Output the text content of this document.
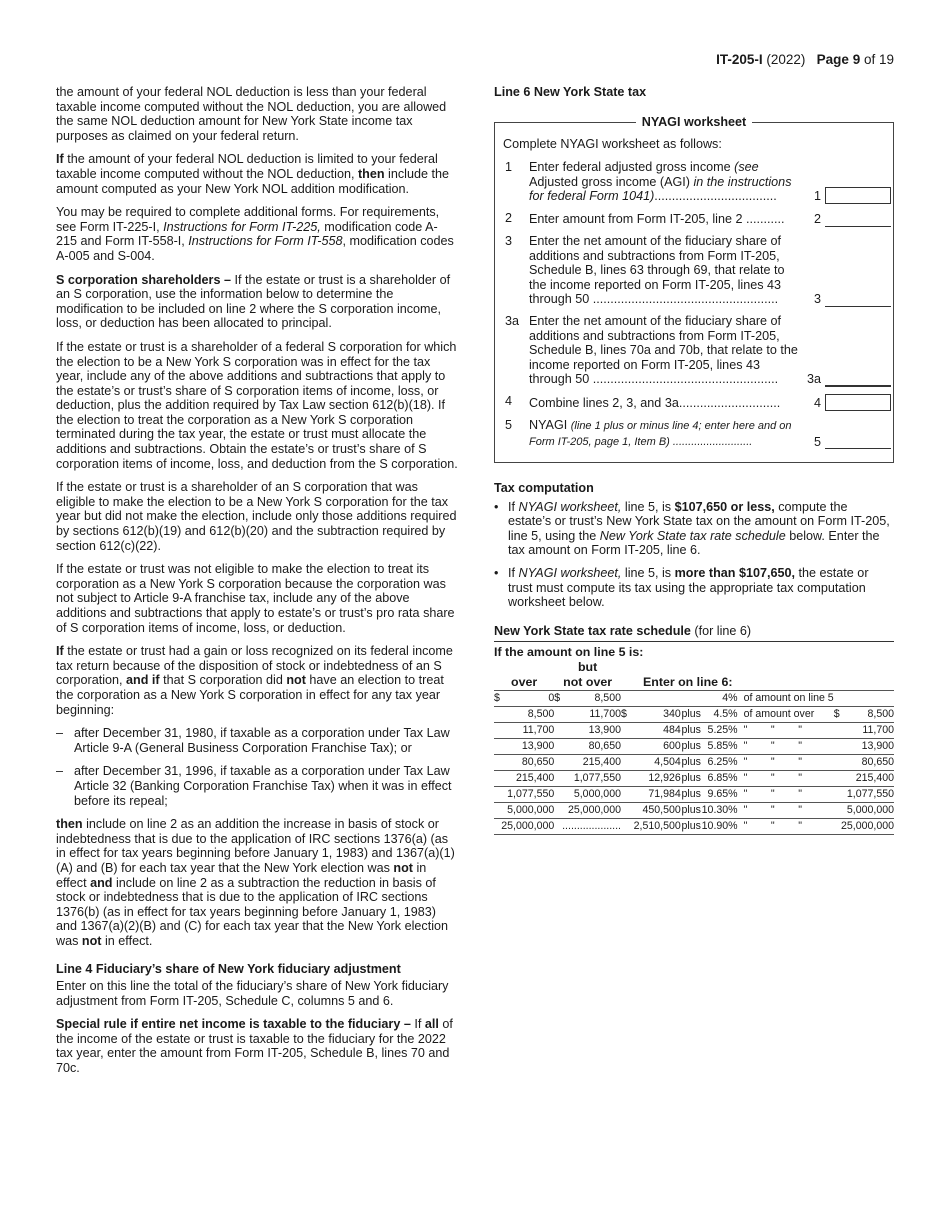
IT-205-I (2022) Page 9 of 19

the amount of your federal NOL deduction is less than your federal taxable income computed without the NOL deduction, you are allowed the same NOL deduction amount for New York State income tax purposes as claimed on your federal return.

If the amount of your federal NOL deduction is limited to your federal taxable income computed without the NOL deduction, then include the amount computed as your New York NOL addition modification.

You may be required to complete additional forms. For requirements, see Form IT-225-I, Instructions for Form IT-225, modification code A-215 and Form IT-558-I, Instructions for Form IT-558, modification codes A-005 and S-004.

S corporation shareholders – If the estate or trust is a shareholder of an S corporation, use the information below to determine the modification to be included on line 2 where the S corporation income, loss, or deduction has been allocated to principal.

If the estate or trust is a shareholder of a federal S corporation for which the election to be a New York S corporation was in effect for the tax year, include any of the above additions and subtractions that apply to the estate’s or trust’s share of S corporation items of income, loss, or deduction, plus the addition required by Tax Law section 612(b)(18). If the election to treat the corporation as a New York S corporation terminated during the tax year, the estate or trust must allocate the additions and subtractions. Obtain the estate’s or trust’s share of S corporation items of income, loss, and deduction from the S corporation.

If the estate or trust is a shareholder of an S corporation that was eligible to make the election to be a New York S corporation for the tax year but did not make the election, include only those additions required by sections 612(b)(19) and 612(b)(20) and the subtraction required by section 612(c)(22).

If the estate or trust was not eligible to make the election to treat its corporation as a New York S corporation because the corporation was not subject to Article 9-A franchise tax, include any of the above additions and subtractions that apply to estate’s or trust’s pro rata share of S corporation items of income, loss, or deduction.

If the estate or trust had a gain or loss recognized on its federal income tax return because of the disposition of stock or indebtedness of an S corporation, and if that S corporation did not have an election to treat the corporation as a New York S corporation in effect for any tax year beginning:

– after December 31, 1980, if taxable as a corporation under Tax Law Article 9-A (General Business Corporation Franchise Tax); or
– after December 31, 1996, if taxable as a corporation under Tax Law Article 32 (Banking Corporation Franchise Tax) when it was in effect before its repeal;

then include on line 2 as an addition the increase in basis of stock or indebtedness that is due to the application of IRC sections 1376(a) (as in effect for tax years beginning before January 1, 1983) and 1367(a)(1)(A) and (B) for each tax year that the New York election was not in effect and include on line 2 as a subtraction the reduction in basis of stock or indebtedness that is due to the application of IRC sections 1376(b) (as in effect for tax years beginning before January 1, 1983) and 1367(a)(2)(B) and (C) for each tax year that the New York election was not in effect.

Line 4 Fiduciary’s share of New York fiduciary adjustment

Enter on this line the total of the fiduciary’s share of New York fiduciary adjustment from Form IT-205, Schedule C, columns 5 and 6.

Special rule if entire net income is taxable to the fiduciary – If all of the income of the estate or trust is taxable to the fiduciary for the 2022 tax year, enter the amount from Form IT-205, Schedule B, lines 70 and 70c.

Line 6 New York State tax
NYAGI worksheet
Complete NYAGI worksheet as follows:
1	Enter federal adjusted gross income (see Adjusted gross income (AGI) in the instructions for federal Form 1041)...................................	1
2	Enter amount from Form IT-205, line 2 ...........	2
3	Enter the net amount of the fiduciary share of additions and subtractions from Form IT-205, Schedule B, lines 63 through 69, that relate to the income reported on Form IT-205, lines 43 through 50 .....................................................	3
3a Enter the net amount of the fiduciary share of additions and subtractions from Form IT-205, Schedule B, lines 70a and 70b, that relate to the income reported on Form IT-205, lines 43 through 50 .....................................................	3a
4	Combine lines 2, 3, and 3a.............................	4
5	NYAGI (line 1 plus or minus line 4; enter here and on Form IT-205, page 1, Item B) ..........................	5
Tax computation
• If NYAGI worksheet, line 5, is $107,650 or less, compute the estate’s or trust’s New York State tax on the amount on Form IT-205, line 5, using the New York State tax rate schedule below. Enter the tax amount on Form IT-205, line 6.
• If NYAGI worksheet, line 5, is more than $107,650, the estate or trust must compute its tax using the appropriate tax computation worksheet below.
New York State tax rate schedule (for line 6)
If the amount on line 5 is:										
		but								
over		not over		Enter on line 6:						
$	0	$	8,500				4%	of amount on line 5		
	8,500		11,700	$	340	plus	4.5%	of amount over	$	8,500
	11,700		13,900		484	plus	5.25%	"        "        "		11,700
	13,900		80,650		600	plus	5.85%	"        "        "		13,900
	80,650		215,400		4,504	plus	6.25%	"        "        "		80,650
	215,400		1,077,550		12,926	plus	6.85%	"        "        "		215,400
	1,077,550		5,000,000		71,984	plus	9.65%	"        "        "		1,077,550
	5,000,000		25,000,000		450,500	plus	10.30%	"        "        "		5,000,000
	25,000,000		....................		2,510,500	plus	10.90%	"        "        "		25,000,000
